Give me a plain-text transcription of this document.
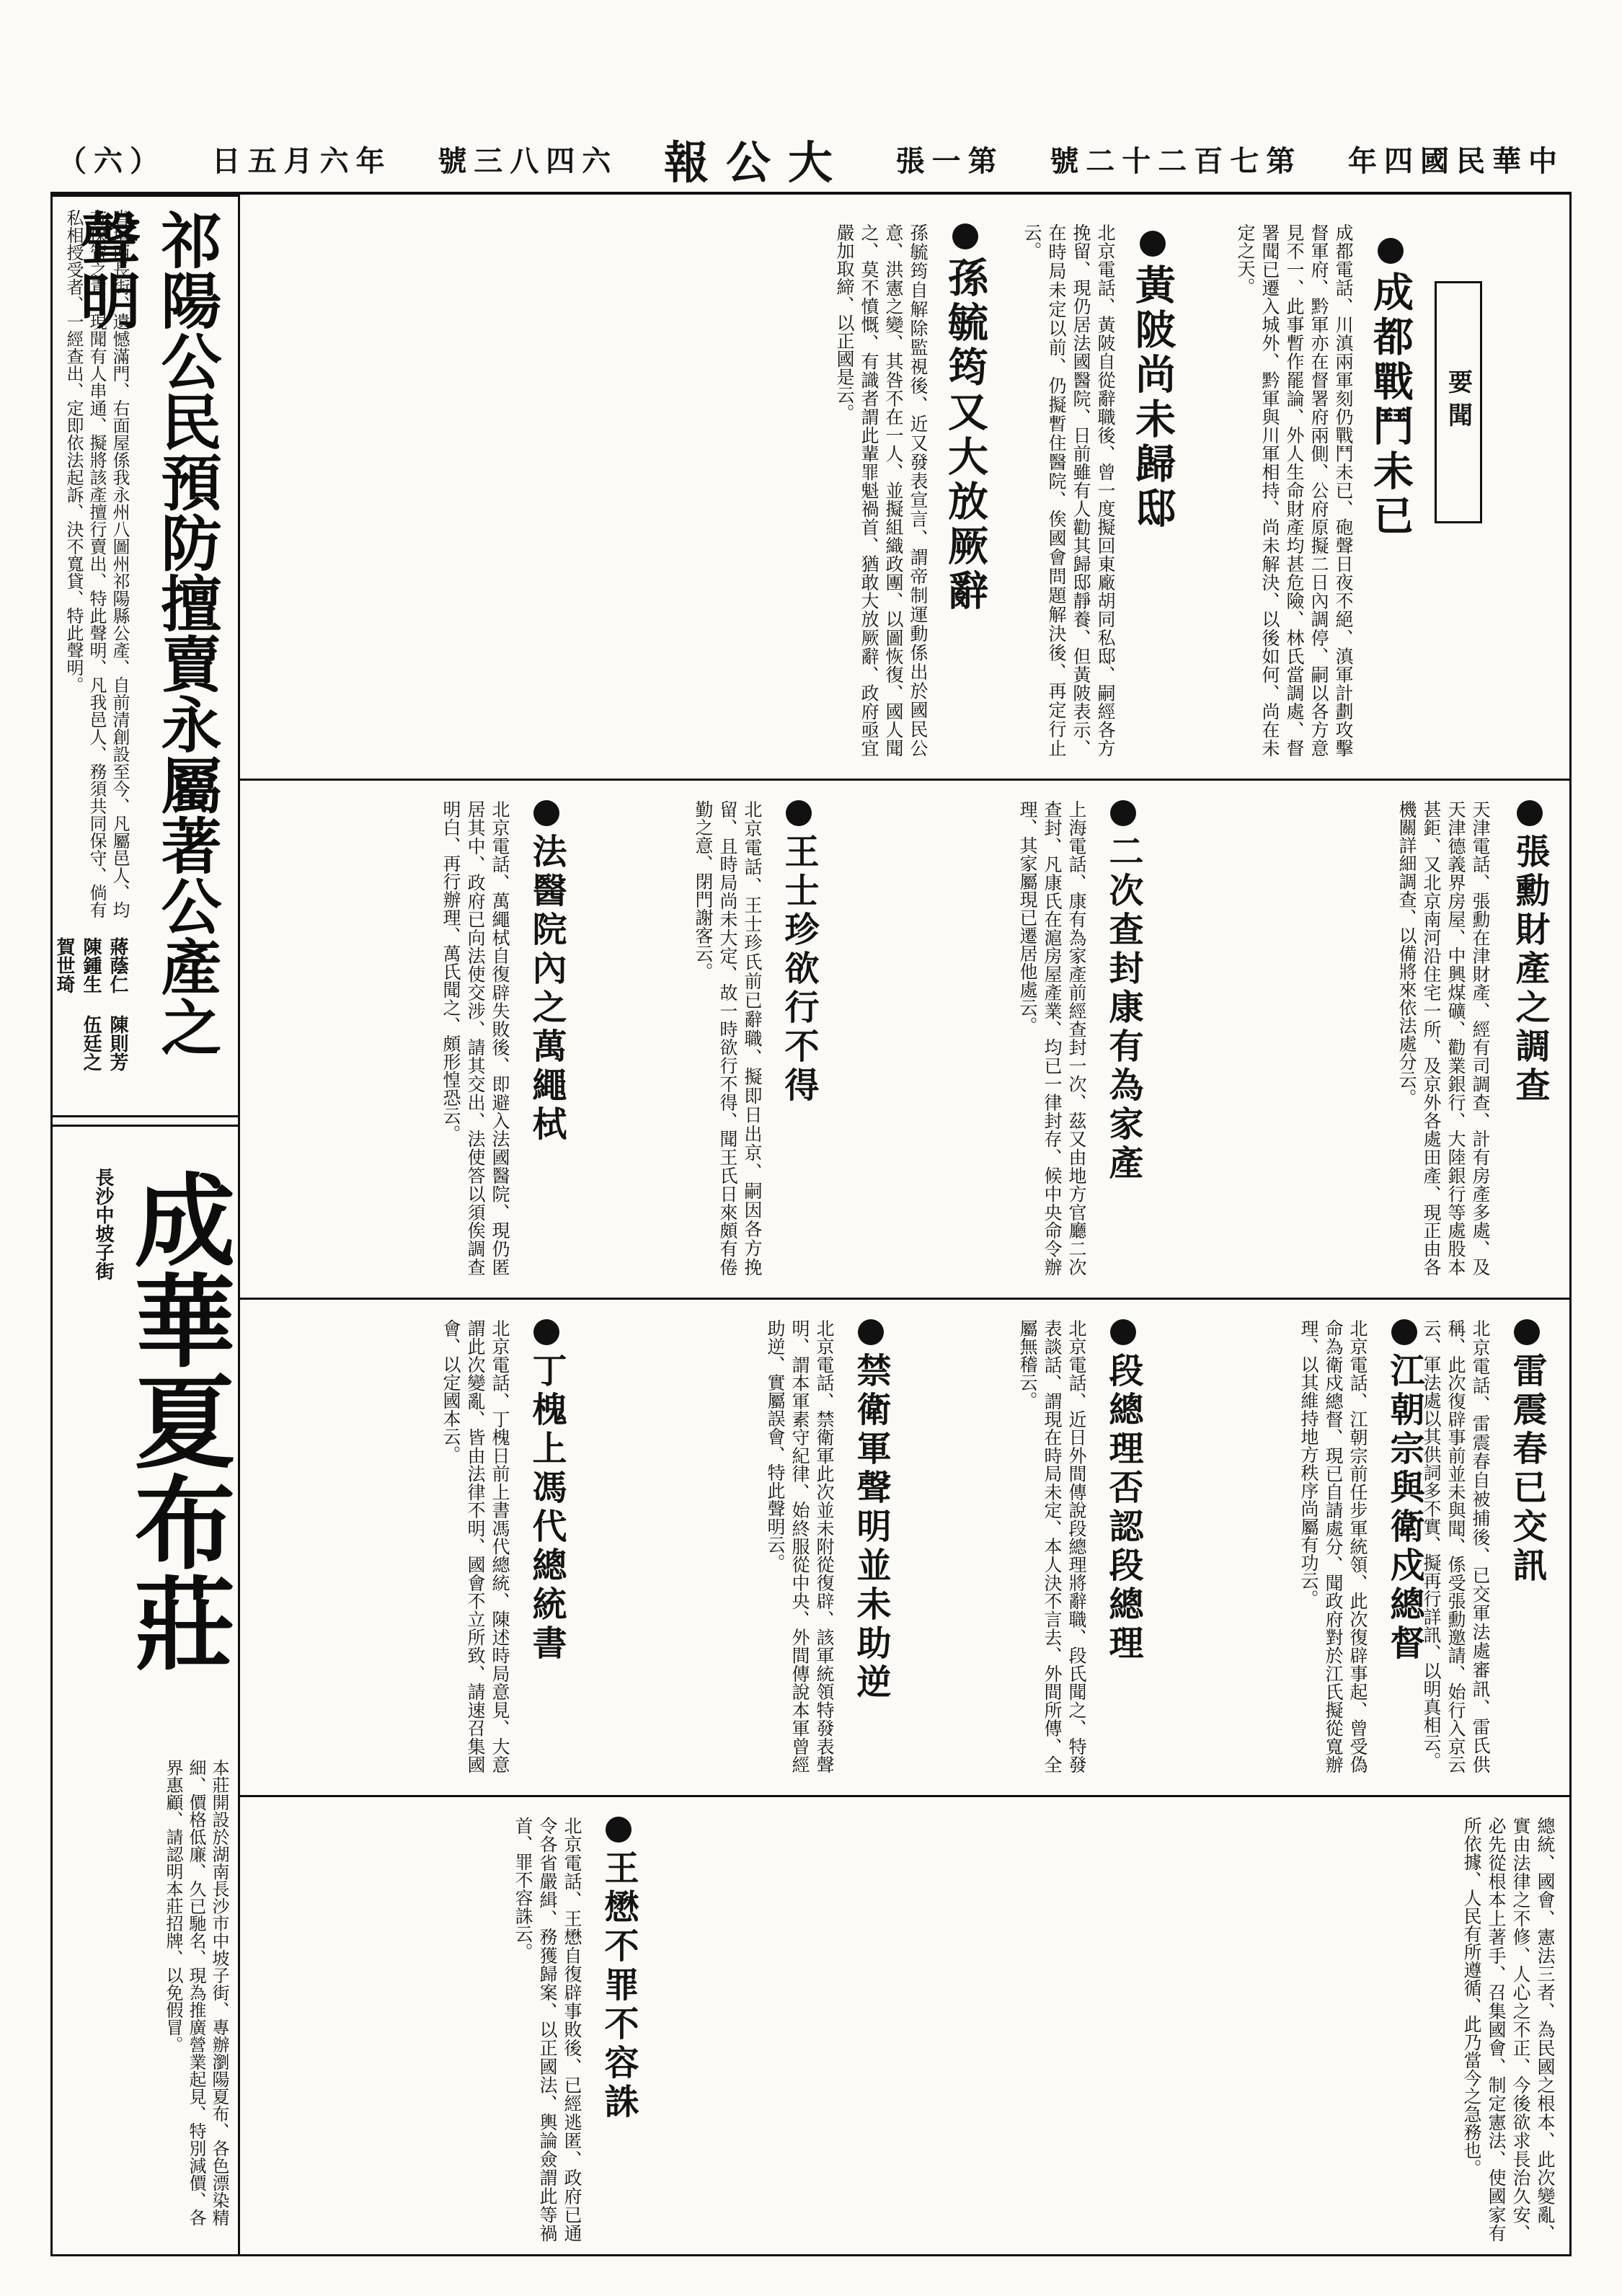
年四國民華中
號二十二百七第
張一第
報公大
號三八四六
日五月六年
（六）
要聞
成都戰鬥未已
成都電話、川滇兩軍刻仍戰鬥未已、砲聲日夜不絕、滇軍計劃攻擊督軍府、黔軍亦在督署府兩側、公府原擬二日內調停、嗣以各方意見不一、此事暫作罷論、外人生命財產均甚危險、林氏當調處、督署聞已遷入城外、黔軍與川軍相持、尚未解決、以後如何、尚在未定之天。
黃陂尚未歸邸
北京電話、黃陂自從辭職後、曾一度擬回東廠胡同私邸、嗣經各方挽留、現仍居法國醫院、日前雖有人勸其歸邸靜養、但黃陂表示、在時局未定以前、仍擬暫住醫院、俟國會問題解決後、再定行止云。
孫毓筠又大放厥辭
孫毓筠自解除監視後、近又發表宣言、謂帝制運動係出於國民公意、洪憲之變、其咎不在一人、並擬組織政團、以圖恢復、國人聞之、莫不憤慨、有識者謂此輩罪魁禍首、猶敢大放厥辭、政府亟宜嚴加取締、以正國是云。
張勳財產之調查
天津電話、張勳在津財產、經有司調查、計有房產多處、及天津德義界房屋、中興煤礦、勸業銀行、大陸銀行等處股本甚鉅、又北京南河沿住宅一所、及京外各處田產、現正由各機關詳細調查、以備將來依法處分云。
二次查封康有為家產
上海電話、康有為家產前經查封一次、茲又由地方官廳二次查封、凡康氏在滬房屋產業、均已一律封存、候中央命令辦理、其家屬現已遷居他處云。
王士珍欲行不得
北京電話、王士珍氏前已辭職、擬即日出京、嗣因各方挽留、且時局尚未大定、故一時欲行不得、聞王氏日來頗有倦勤之意、閉門謝客云。
法醫院內之萬繩栻
北京電話、萬繩栻自復辟失敗後、即避入法國醫院、現仍匿居其中、政府已向法使交涉、請其交出、法使答以須俟調查明白、再行辦理、萬氏聞之、頗形惶恐云。
雷震春已交訊
北京電話、雷震春自被捕後、已交軍法處審訊、雷氏供稱、此次復辟事前並未與聞、係受張勳邀請、始行入京云云、軍法處以其供詞多不實、擬再行詳訊、以明真相云。
江朝宗與衛戍總督
北京電話、江朝宗前任步軍統領、此次復辟事起、曾受偽命為衛戍總督、現已自請處分、聞政府對於江氏擬從寬辦理、以其維持地方秩序尚屬有功云。
段總理否認段總理
北京電話、近日外間傳說段總理將辭職、段氏聞之、特發表談話、謂現在時局未定、本人決不言去、外間所傳、全屬無稽云。
禁衛軍聲明並未助逆
北京電話、禁衛軍此次並未附從復辟、該軍統領特發表聲明、謂本軍素守紀律、始終服從中央、外間傳說本軍曾經助逆、實屬誤會、特此聲明云。
丁槐上馮代總統書
北京電話、丁槐日前上書馮代總統、陳述時局意見、大意謂此次變亂、皆由法律不明、國會不立所致、請速召集國會、以定國本云。
總統、國會、憲法三者、為民國之根本、此次變亂、實由法律之不修、人心之不正、今後欲求長治久安、必先從根本上著手、召集國會、制定憲法、使國家有所依據、人民有所遵循、此乃當今之急務也。
王懋不罪不容誅
北京電話、王懋自復辟事敗後、已經逃匿、政府已通令各省嚴緝、務獲歸案、以正國法、輿論僉謂此等禍首、罪不容誅云。
祁陽公民預防擅賣永屬著公產之聲明
省垣西長街、遺憾滿門、右面屋係我永州八圖州祁陽縣公產、自前清創設至今、凡屬邑人、均有保管之責、現聞有人串通、擬將該產擅行賣出、特此聲明、凡我邑人、務須共同保守、倘有私相授受者、一經查出、定即依法起訴、決不寬貸、特此聲明。
蔣蔭仁 陳則芳 陳鍾生 伍廷之 賀世琦
成華夏布莊
本莊開設於湖南長沙市中坡子街、專辦瀏陽夏布、各色漂染精細、價格低廉、久已馳名、現為推廣營業起見、特別減價、各界惠顧、請認明本莊招牌、以免假冒。
長沙中坡子街
